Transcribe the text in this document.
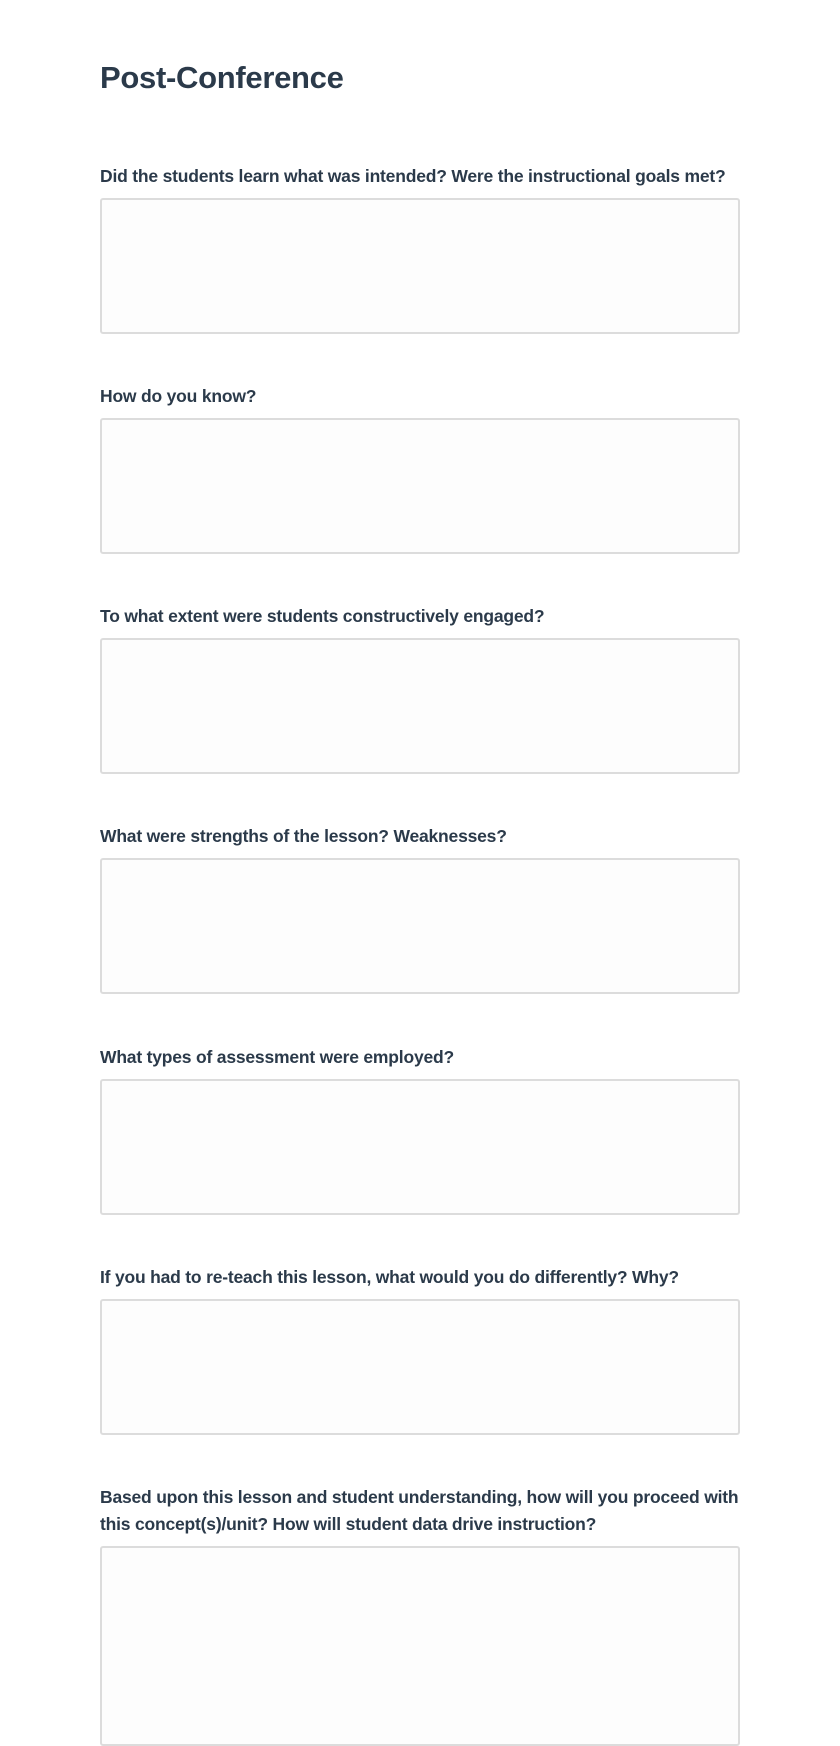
Post-Conference
Did the students learn what was intended? Were the instructional goals met?
How do you know?
To what extent were students constructively engaged?
What were strengths of the lesson? Weaknesses?
What types of assessment were employed?
If you had to re-teach this lesson, what would you do differently? Why?
Based upon this lesson and student understanding, how will you proceed with this concept(s)/unit? How will student data drive instruction?
